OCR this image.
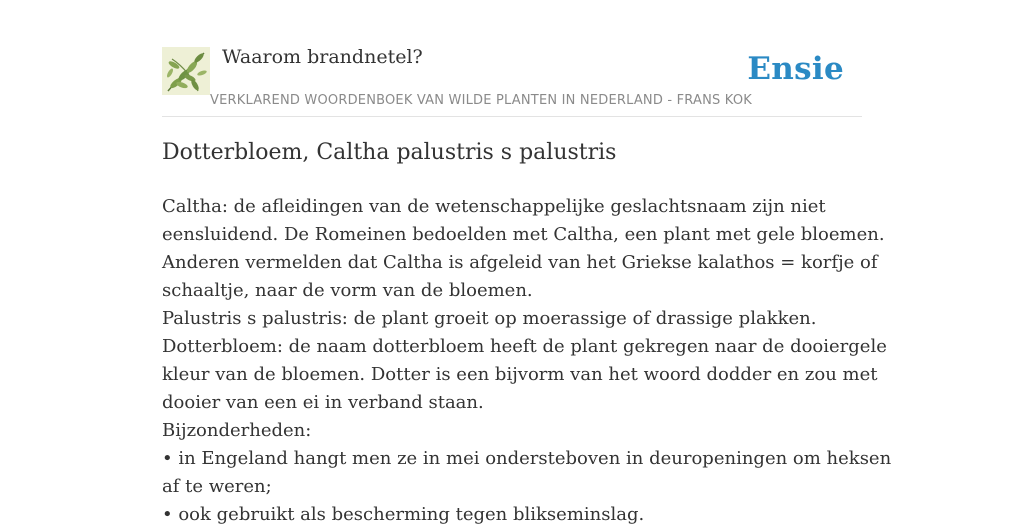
Waarom brandnetel?
VERKLAREND WOORDENBOEK VAN WILDE PLANTEN IN NEDERLAND - FRANS KOK
Ensie
Dotterbloem, Caltha palustris s palustris

Caltha: de afleidingen van de wetenschappelijke geslachtsnaam zijn niet

eensluidend. De Romeinen bedoelden met Caltha, een plant met gele bloemen.

Anderen vermelden dat Caltha is afgeleid van het Griekse kalathos = korfje of

schaaltje, naar de vorm van de bloemen.

Palustris s palustris: de plant groeit op moerassige of drassige plakken.

Dotterbloem: de naam dotterbloem heeft de plant gekregen naar de dooiergele

kleur van de bloemen. Dotter is een bijvorm van het woord dodder en zou met

dooier van een ei in verband staan.

Bijzonderheden:

• in Engeland hangt men ze in mei ondersteboven in deuropeningen om heksen

af te weren;

• ook gebruikt als bescherming tegen blikseminslag.
